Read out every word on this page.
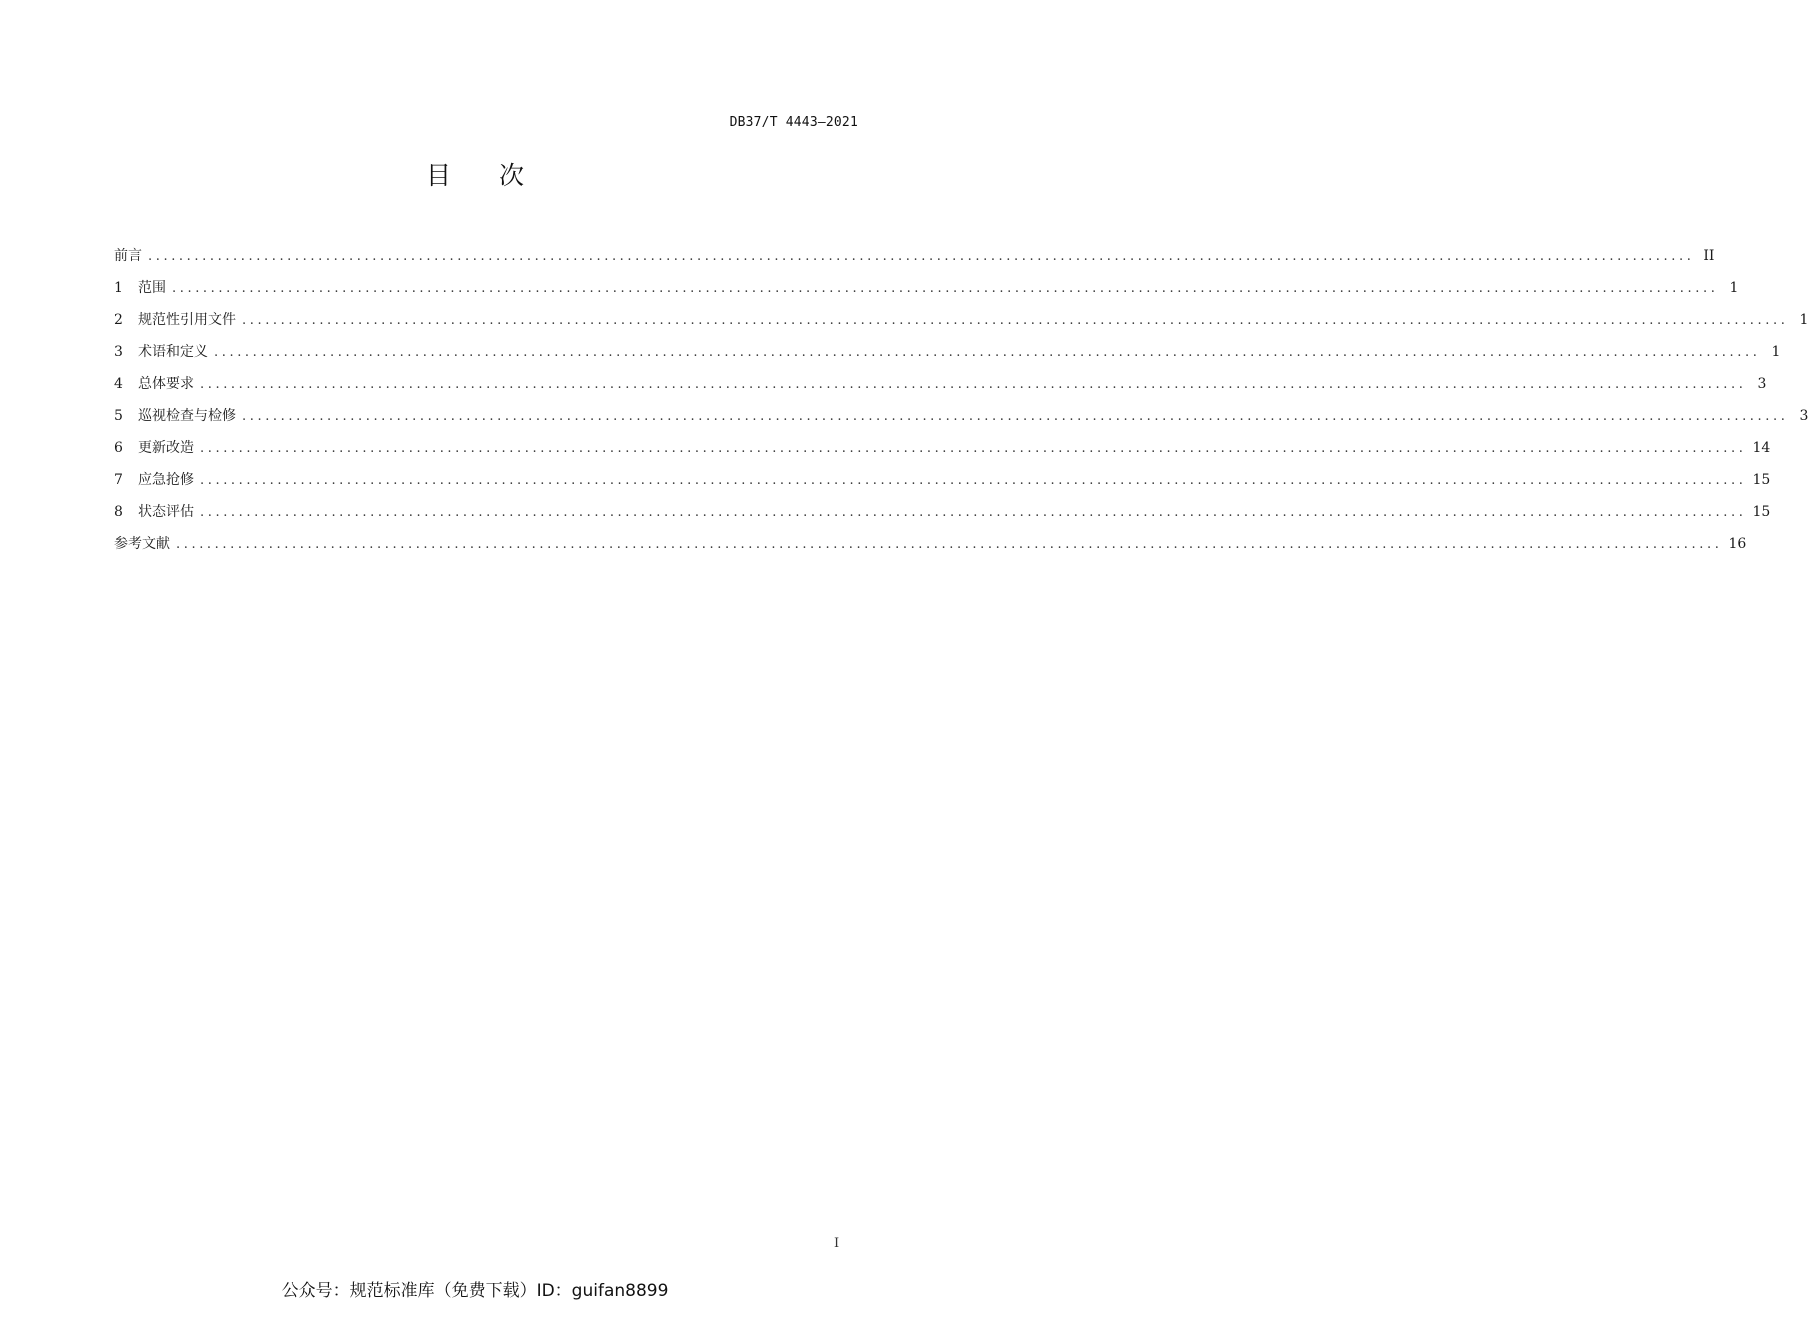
DB37/T 4443—2021
目次
前言 ........................................................................................................................................................................................................ II
1	范围 ........................................................................................................................................................................................................ 1
2	规范性引用文件 ........................................................................................................................................................................................................ 1
3	术语和定义 ........................................................................................................................................................................................................ 1
4	总体要求 ........................................................................................................................................................................................................ 3
5	巡视检查与检修 ........................................................................................................................................................................................................ 3
6	更新改造 ........................................................................................................................................................................................................ 14
7	应急抢修 ........................................................................................................................................................................................................ 15
8	状态评估 ........................................................................................................................................................................................................ 15
参考文献 ........................................................................................................................................................................................................ 16
I
公众号：规范标准库（免费下载）ID：guifan8899
